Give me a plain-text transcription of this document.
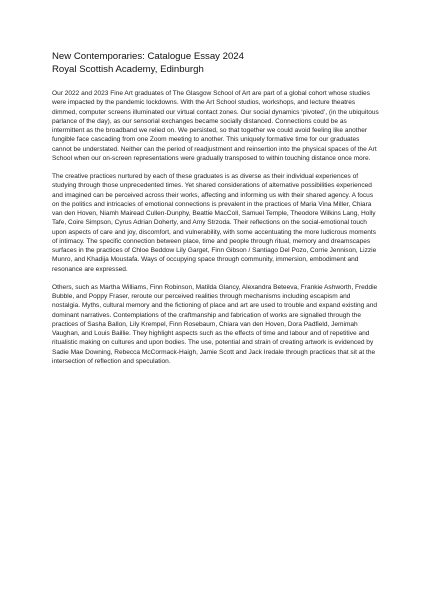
New Contemporaries: Catalogue Essay 2024
Royal Scottish Academy, Edinburgh

Our 2022 and 2023 Fine Art graduates of The Glasgow School of Art are part of a global cohort whose studies were impacted by the pandemic lockdowns. With the Art School studios, workshops, and lecture theatres dimmed, computer screens illuminated our virtual contact zones. Our social dynamics ‘pivoted’, (in the ubiquitous parlance of the day), as our sensorial exchanges became socially distanced. Connections could be as intermittent as the broadband we relied on. We persisted, so that together we could avoid feeling like another fungible face cascading from one Zoom meeting to another. This uniquely formative time for our graduates cannot be understated. Neither can the period of readjustment and reinsertion into the physical spaces of the Art School when our on-screen representations were gradually transposed to within touching distance once more.

The creative practices nurtured by each of these graduates is as diverse as their individual experiences of studying through those unprecedented times. Yet shared considerations of alternative possibilities experienced and imagined can be perceived across their works, affecting and informing us with their shared agency. A focus on the politics and intricacies of emotional connections is prevalent in the practices of Maria Vina Miller, Chiara van den Hoven, Niamh Mairead Cullen-Dunphy, Beattie MacColl, Samuel Temple, Theodore Wilkins Lang, Holly Tafe, Coire Simpson, Cyrus Adrian Doherty, and Amy Strzoda. Their reflections on the social-emotional touch upon aspects of care and joy, discomfort, and vulnerability, with some accentuating the more ludicrous moments of intimacy. The specific connection between place, time and people through ritual, memory and dreamscapes surfaces in the practices of Chloe Beddow Lily Garget, Finn Gibson / Santiago Del Pozo, Corrie Jennison, Lizzie Munro, and Khadija Moustafa. Ways of occupying space through community, immersion, embodiment and resonance are expressed.

Others, such as Martha Williams, Finn Robinson, Matilda Glancy, Alexandra Beteeva, Frankie Ashworth, Freddie Bubble, and Poppy Fraser, reroute our perceived realities through mechanisms including escapism and nostalgia. Myths, cultural memory and the fictioning of place and art are used to trouble and expand existing and dominant narratives. Contemplations of the craftmanship and fabrication of works are signalled through the practices of Sasha Ballon, Lily Krempel, Finn Rosebaum, Chiara van den Hoven, Dora Padfield, Jemimah Vaughan, and Louis Baillie. They highlight aspects such as the effects of time and labour and of repetitive and ritualistic making on cultures and upon bodies. The use, potential and strain of creating artwork is evidenced by Sadie Mae Downing, Rebecca McCormack-Haigh, Jamie Scott and Jack Iredale through practices that sit at the intersection of reflection and speculation.
